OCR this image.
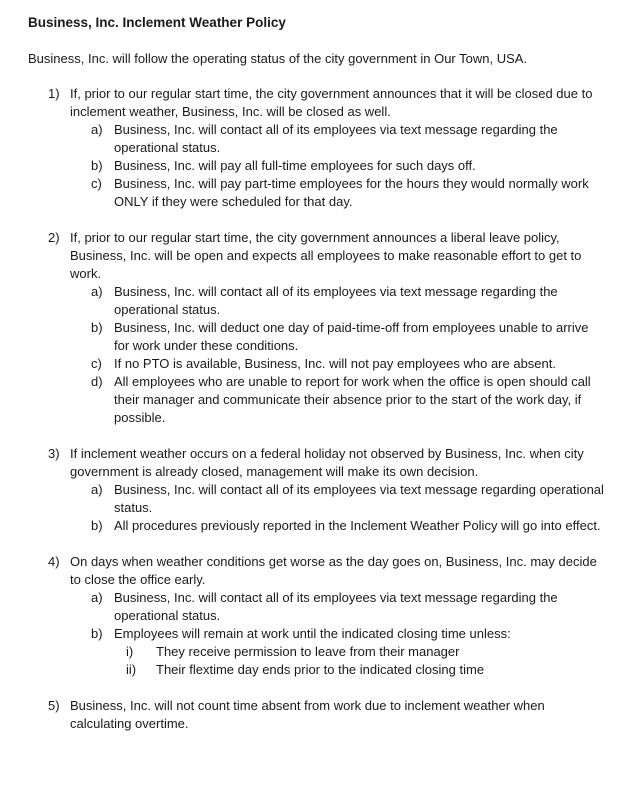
Business, Inc. Inclement Weather Policy

Business, Inc. will follow the operating status of the city government in Our Town, USA.

1) If, prior to our regular start time, the city government announces that it will be closed due to inclement weather, Business, Inc. will be closed as well.
a) Business, Inc. will contact all of its employees via text message regarding the operational status.
b) Business, Inc. will pay all full-time employees for such days off.
c) Business, Inc. will pay part-time employees for the hours they would normally work ONLY if they were scheduled for that day.
2) If, prior to our regular start time, the city government announces a liberal leave policy, Business, Inc. will be open and expects all employees to make reasonable effort to get to work.
a) Business, Inc. will contact all of its employees via text message regarding the operational status.
b) Business, Inc. will deduct one day of paid-time-off from employees unable to arrive for work under these conditions.
c) If no PTO is available, Business, Inc. will not pay employees who are absent.
d) All employees who are unable to report for work when the office is open should call their manager and communicate their absence prior to the start of the work day, if possible.
3) If inclement weather occurs on a federal holiday not observed by Business, Inc. when city government is already closed, management will make its own decision.
a) Business, Inc. will contact all of its employees via text message regarding operational status.
b) All procedures previously reported in the Inclement Weather Policy will go into effect.
4) On days when weather conditions get worse as the day goes on, Business, Inc. may decide to close the office early.
a) Business, Inc. will contact all of its employees via text message regarding the operational status.
b) Employees will remain at work until the indicated closing time unless:
i) They receive permission to leave from their manager
ii) Their flextime day ends prior to the indicated closing time
5) Business, Inc. will not count time absent from work due to inclement weather when calculating overtime.
